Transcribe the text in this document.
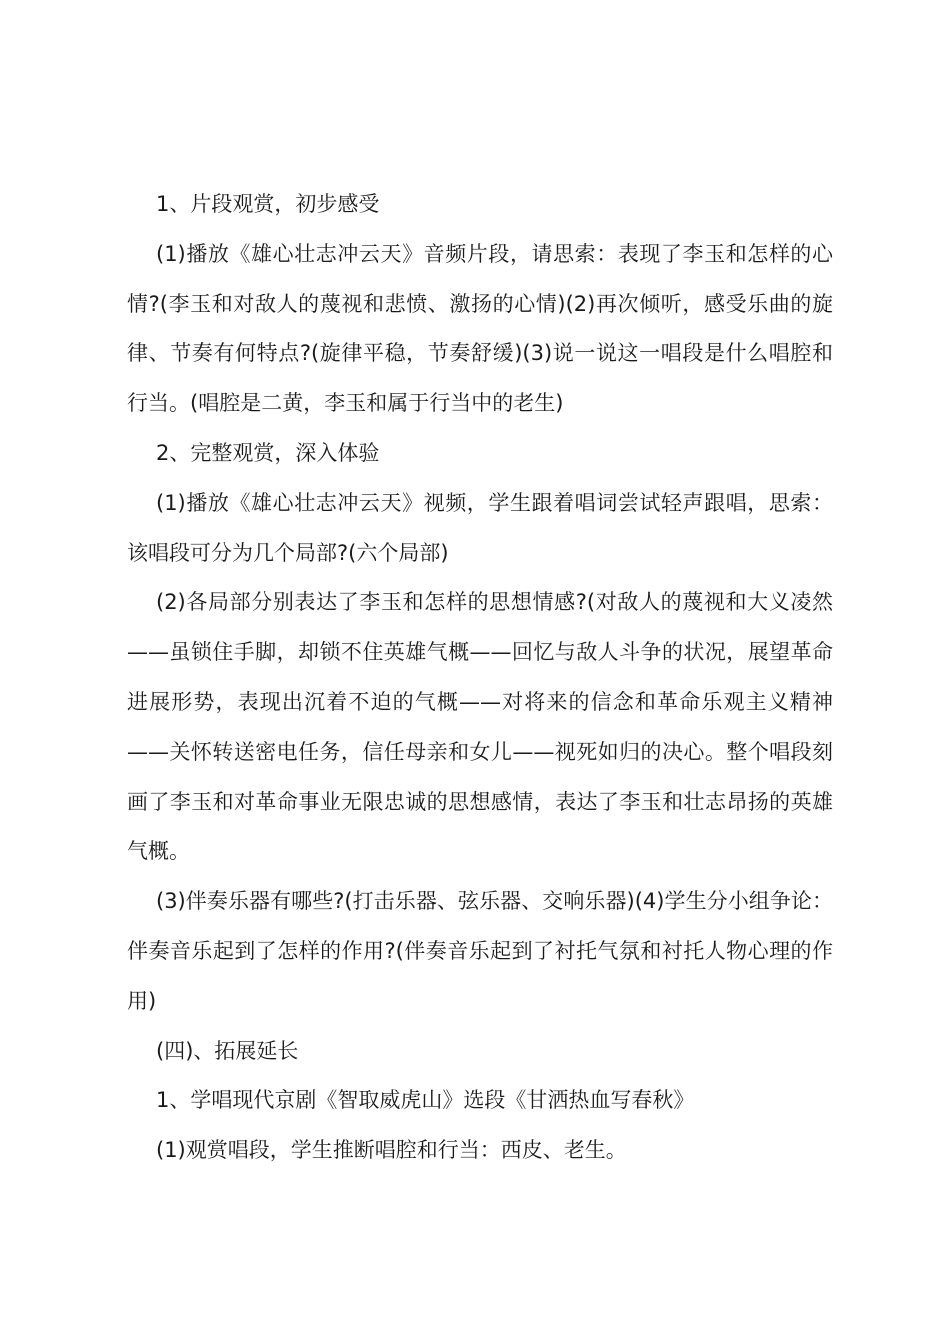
1、片段观赏，初步感受

(1)播放《雄心壮志冲云天》音频片段，请思索：表现了李玉和怎样的心情?(李玉和对敌人的蔑视和悲愤、激扬的心情)(2)再次倾听，感受乐曲的旋律、节奏有何特点?(旋律平稳，节奏舒缓)(3)说一说这一唱段是什么唱腔和行当。(唱腔是二黄，李玉和属于行当中的老生)

2、完整观赏，深入体验

(1)播放《雄心壮志冲云天》视频，学生跟着唱词尝试轻声跟唱，思索：该唱段可分为几个局部?(六个局部)

(2)各局部分别表达了李玉和怎样的思想情感?(对敌人的蔑视和大义凌然——虽锁住手脚，却锁不住英雄气概——回忆与敌人斗争的状况，展望革命进展形势，表现出沉着不迫的气概——对将来的信念和革命乐观主义精神——关怀转送密电任务，信任母亲和女儿——视死如归的决心。整个唱段刻画了李玉和对革命事业无限忠诚的思想感情，表达了李玉和壮志昂扬的英雄气概。

(3)伴奏乐器有哪些?(打击乐器、弦乐器、交响乐器)(4)学生分小组争论：伴奏音乐起到了怎样的作用?(伴奏音乐起到了衬托气氛和衬托人物心理的作用)

(四)、拓展延长

1、学唱现代京剧《智取威虎山》选段《甘洒热血写春秋》

(1)观赏唱段，学生推断唱腔和行当：西皮、老生。
